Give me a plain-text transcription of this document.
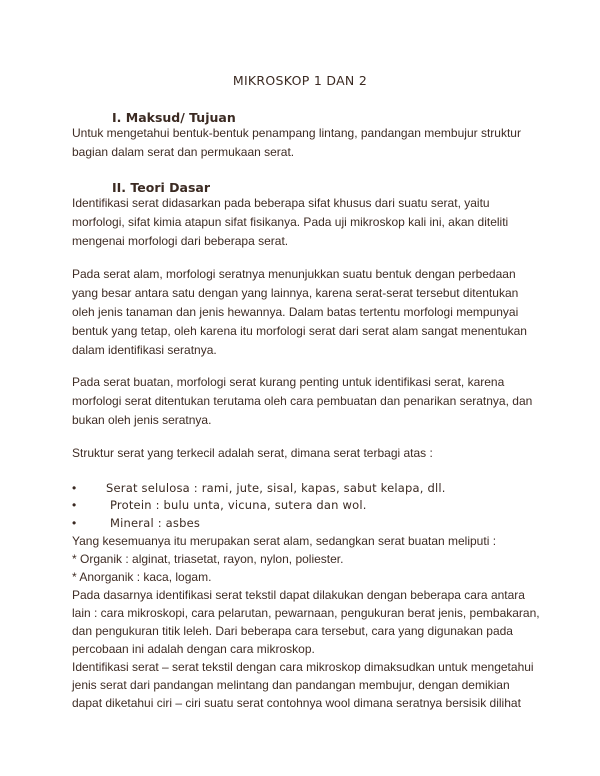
MIKROSKOP 1 DAN 2
I. Maksud/ Tujuan
Untuk mengetahui bentuk-bentuk penampang lintang, pandangan membujur struktur
bagian dalam serat dan permukaan serat.
II. Teori Dasar
Identifikasi serat didasarkan pada beberapa sifat khusus dari suatu serat, yaitu
morfologi, sifat kimia atapun sifat fisikanya. Pada uji mikroskop kali ini, akan diteliti
mengenai morfologi dari beberapa serat.
Pada serat alam, morfologi seratnya menunjukkan suatu bentuk dengan perbedaan
yang besar antara satu dengan yang lainnya, karena serat-serat tersebut ditentukan
oleh jenis tanaman dan jenis hewannya. Dalam batas tertentu morfologi mempunyai
bentuk yang tetap, oleh karena itu morfologi serat dari serat alam sangat menentukan
dalam identifikasi seratnya.
Pada serat buatan, morfologi serat kurang penting untuk identifikasi serat, karena
morfologi serat ditentukan terutama oleh cara pembuatan dan penarikan seratnya, dan
bukan oleh jenis seratnya.
Struktur serat yang terkecil adalah serat, dimana serat terbagi atas :
•	Serat selulosa : rami, jute, sisal, kapas, sabut kelapa, dll.
•	Protein : bulu unta, vicuna, sutera dan wol.
•	Mineral : asbes
Yang kesemuanya itu merupakan serat alam, sedangkan serat buatan meliputi :
* Organik : alginat, triasetat, rayon, nylon, poliester.
* Anorganik : kaca, logam.
Pada dasarnya identifikasi serat tekstil dapat dilakukan dengan beberapa cara antara
lain : cara mikroskopi, cara pelarutan, pewarnaan, pengukuran berat jenis, pembakaran,
dan pengukuran titik leleh. Dari beberapa cara tersebut, cara yang digunakan pada
percobaan ini adalah dengan cara mikroskop.
Identifikasi serat – serat tekstil dengan cara mikroskop dimaksudkan untuk mengetahui
jenis serat dari pandangan melintang dan pandangan membujur, dengan demikian
dapat diketahui ciri – ciri suatu serat contohnya wool dimana seratnya bersisik dilihat
